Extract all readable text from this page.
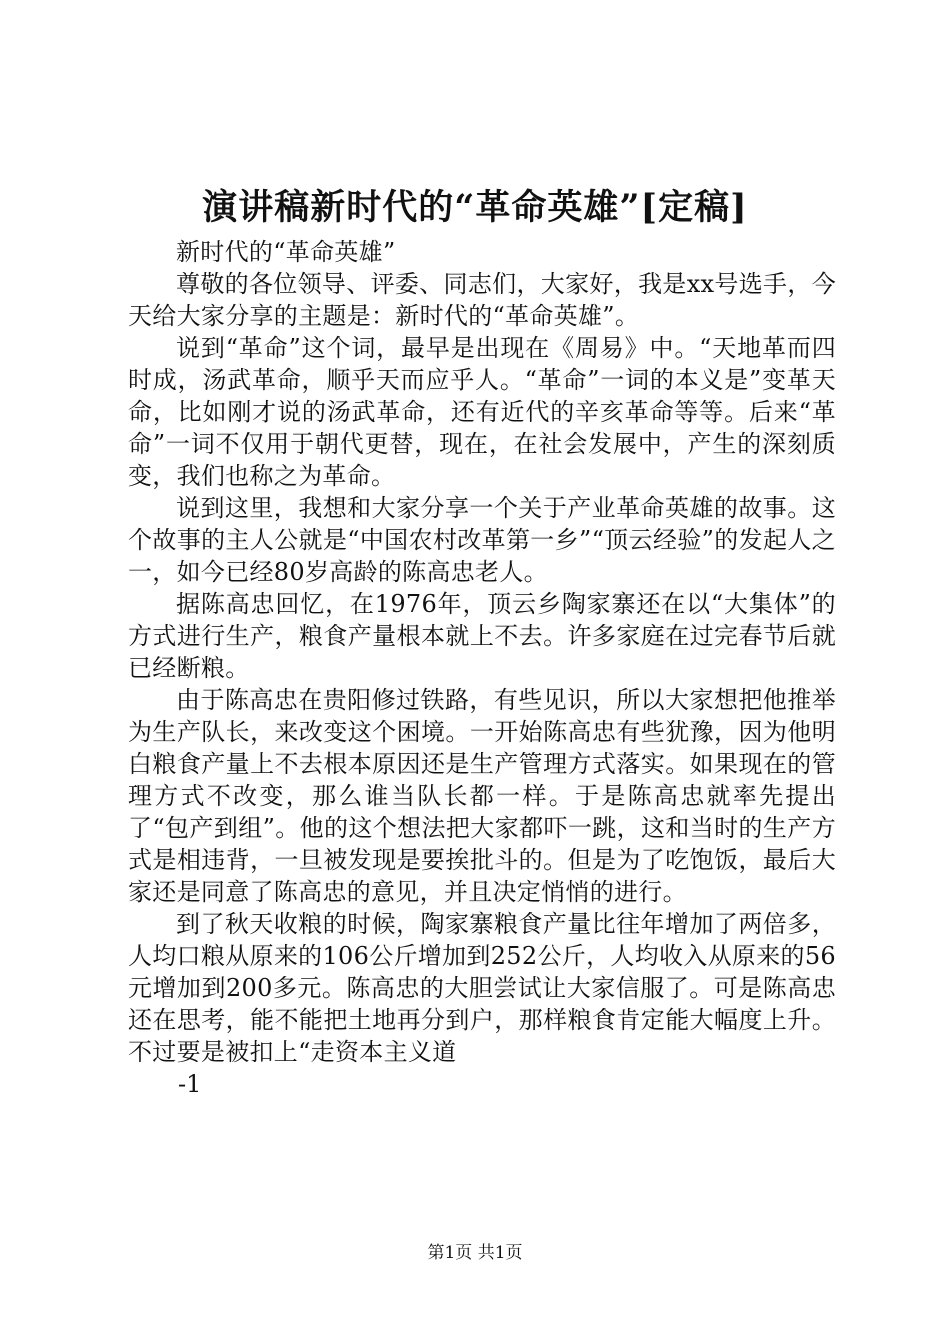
演讲稿新时代的“革命英雄”[定稿]

新时代的“革命英雄”

尊敬的各位领导、评委、同志们，大家好，我是xx号选手，今天给大家分享的主题是：新时代的“革命英雄”。

说到“革命”这个词，最早是出现在《周易》中。“天地革而四时成，汤武革命，顺乎天而应乎人。“革命”一词的本义是”变革天命，比如刚才说的汤武革命，还有近代的辛亥革命等等。后来“革命”一词不仅用于朝代更替，现在，在社会发展中，产生的深刻质变，我们也称之为革命。

说到这里，我想和大家分享一个关于产业革命英雄的故事。这个故事的主人公就是“中国农村改革第一乡”“顶云经验”的发起人之一，如今已经80岁高龄的陈高忠老人。

据陈高忠回忆，在1976年，顶云乡陶家寨还在以“大集体”的方式进行生产，粮食产量根本就上不去。许多家庭在过完春节后就已经断粮。

由于陈高忠在贵阳修过铁路，有些见识，所以大家想把他推举为生产队长，来改变这个困境。一开始陈高忠有些犹豫，因为他明白粮食产量上不去根本原因还是生产管理方式落实。如果现在的管理方式不改变，那么谁当队长都一样。于是陈高忠就率先提出了“包产到组”。他的这个想法把大家都吓一跳，这和当时的生产方式是相违背，一旦被发现是要挨批斗的。但是为了吃饱饭，最后大家还是同意了陈高忠的意见，并且决定悄悄的进行。

到了秋天收粮的时候，陶家寨粮食产量比往年增加了两倍多，人均口粮从原来的106公斤增加到252公斤，人均收入从原来的56元增加到200多元。陈高忠的大胆尝试让大家信服了。可是陈高忠还在思考，能不能把土地再分到户，那样粮食肯定能大幅度上升。不过要是被扣上“走资本主义道

-1

第1页 共1页
